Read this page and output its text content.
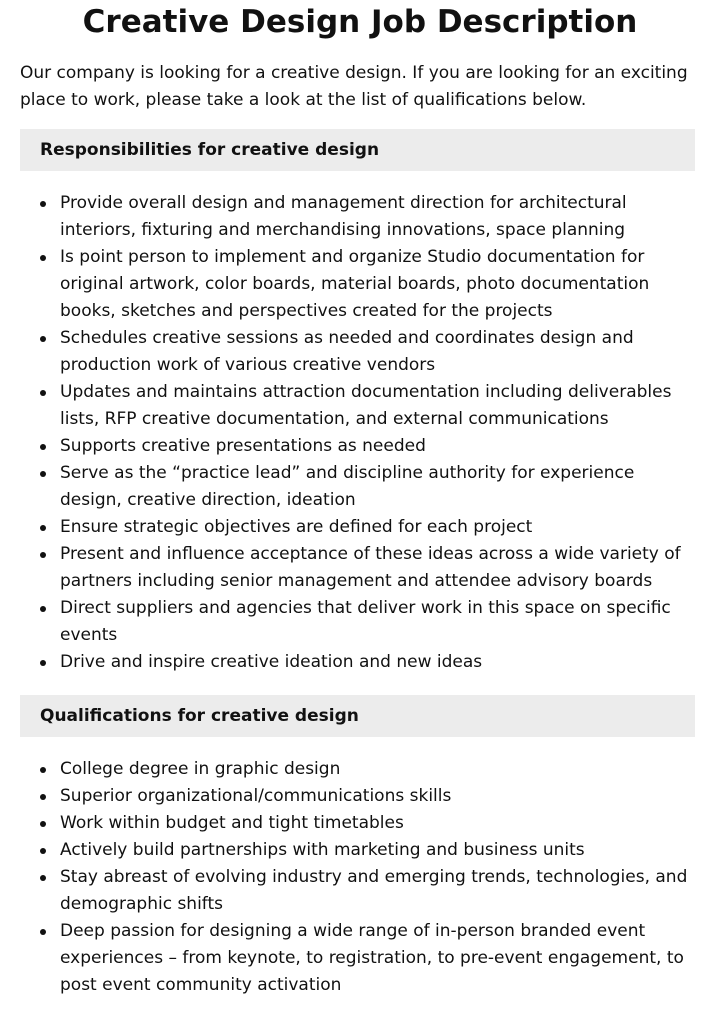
Creative Design Job Description

Our company is looking for a creative design. If you are looking for an exciting place to work, please take a look at the list of qualifications below.

Responsibilities for creative design
Provide overall design and management direction for architectural interiors, fixturing and merchandising innovations, space planning
Is point person to implement and organize Studio documentation for original artwork, color boards, material boards, photo documentation books, sketches and perspectives created for the projects
Schedules creative sessions as needed and coordinates design and production work of various creative vendors
Updates and maintains attraction documentation including deliverables lists, RFP creative documentation, and external communications
Supports creative presentations as needed
Serve as the “practice lead” and discipline authority for experience design, creative direction, ideation
Ensure strategic objectives are defined for each project
Present and influence acceptance of these ideas across a wide variety of partners including senior management and attendee advisory boards
Direct suppliers and agencies that deliver work in this space on specific events
Drive and inspire creative ideation and new ideas
Qualifications for creative design
College degree in graphic design
Superior organizational/communications skills
Work within budget and tight timetables
Actively build partnerships with marketing and business units
Stay abreast of evolving industry and emerging trends, technologies, and demographic shifts
Deep passion for designing a wide range of in-person branded event experiences – from keynote, to registration, to pre-event engagement, to post event community activation
